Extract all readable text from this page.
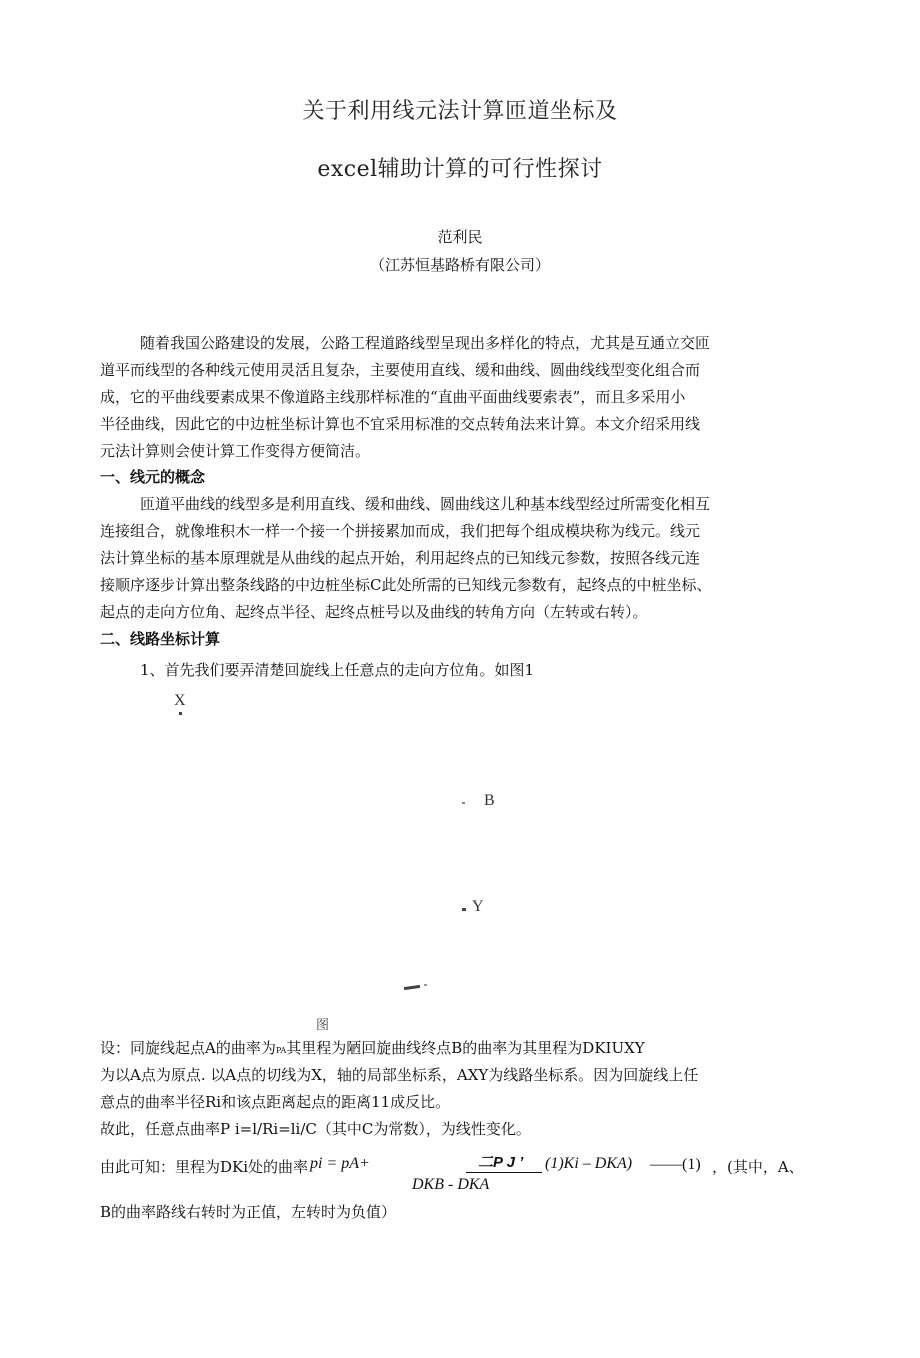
关于利用线元法计算匝道坐标及
excel辅助计算的可行性探讨
范利民
（江苏恒基路桥有限公司）
随着我国公路建设的发展，公路工程道路线型呈现出多样化的特点，尤其是互通立交匝
道平而线型的各种线元使用灵活且复杂，主要使用直线、缓和曲线、圆曲线线型变化组合而
成，它的平曲线要素成果不像道路主线那样标准的“直曲平面曲线要索表”，而且多采用小
半径曲线，因此它的中边桩坐标计算也不宜采用标准的交点转角法来计算。本文介绍采用线
元法计算则会使计算工作变得方便简洁。
一、线元的概念
匝道平曲线的线型多是利用直线、缓和曲线、圆曲线这儿种基本线型经过所需变化相互
连接组合，就像堆积木一样一个接一个拼接累加而成，我们把每个组成模块称为线元。线元
法计算坐标的基本原理就是从曲线的起点开始，利用起终点的已知线元参数，按照各线元连
接顺序逐步计算出整条线路的中边桩坐标C此处所需的已知线元参数有，起终点的中桩坐标、
起点的走向方位角、起终点半径、起终点桩号以及曲线的转角方向（左转或右转）。
二、线路坐标计算
1、首先我们要弄清楚回旋线上任意点的走向方位角。如图1
X
B
Y
图
设：同旋线起点A的曲率为PA其里程为陋回旋曲线终点B的曲率为其里程为DKIUXY
为以A点为原点. 以A点的切线为X，轴的局部坐标系，AXY为线路坐标系。因为回旋线上任
意点的曲率半径Ri和该点距离起点的距离11成反比。
故此，任意点曲率P i=l/Ri=li/C（其中C为常数），为线性变化。
由此可知：里程为DKi处的曲率 pi = pA+	二P J ’ (1)Ki – DKA) ——(1) ，(其中，A、
DKB - DKA
B的曲率路线右转时为正值，左转时为负值）
